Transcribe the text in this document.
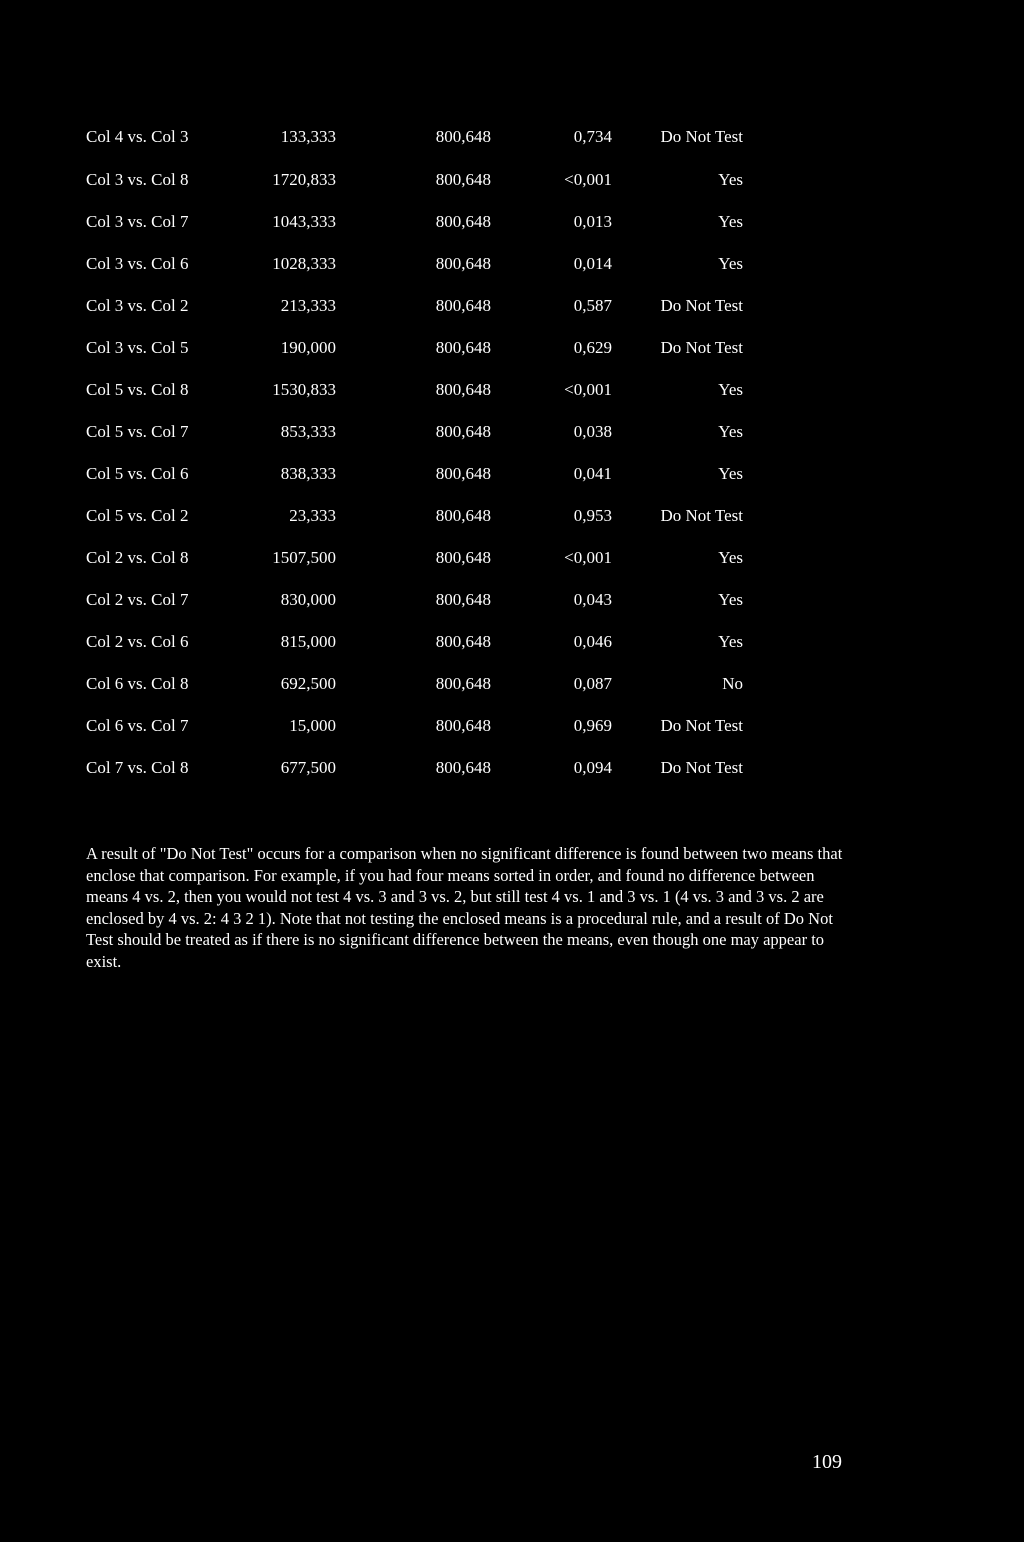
Col 4 vs. Col 3	133,333	800,648	0,734	Do Not Test
Col 3 vs. Col 8	1720,833	800,648	<0,001	Yes
Col 3 vs. Col 7	1043,333	800,648	0,013	Yes
Col 3 vs. Col 6	1028,333	800,648	0,014	Yes
Col 3 vs. Col 2	213,333	800,648	0,587	Do Not Test
Col 3 vs. Col 5	190,000	800,648	0,629	Do Not Test
Col 5 vs. Col 8	1530,833	800,648	<0,001	Yes
Col 5 vs. Col 7	853,333	800,648	0,038	Yes
Col 5 vs. Col 6	838,333	800,648	0,041	Yes
Col 5 vs. Col 2	23,333	800,648	0,953	Do Not Test
Col 2 vs. Col 8	1507,500	800,648	<0,001	Yes
Col 2 vs. Col 7	830,000	800,648	0,043	Yes
Col 2 vs. Col 6	815,000	800,648	0,046	Yes
Col 6 vs. Col 8	692,500	800,648	0,087	No
Col 6 vs. Col 7	15,000	800,648	0,969	Do Not Test
Col 7 vs. Col 8	677,500	800,648	0,094	Do Not Test

A result of "Do Not Test" occurs for a comparison when no significant difference is found between two means that enclose that comparison. For example, if you had four means sorted in order, and found no difference between means 4 vs. 2, then you would not test 4 vs. 3 and 3 vs. 2, but still test 4 vs. 1 and 3 vs. 1 (4 vs. 3 and 3 vs. 2 are enclosed by 4 vs. 2: 4 3 2 1). Note that not testing the enclosed means is a procedural rule, and a result of Do Not Test should be treated as if there is no significant difference between the means, even though one may appear to exist.

109
